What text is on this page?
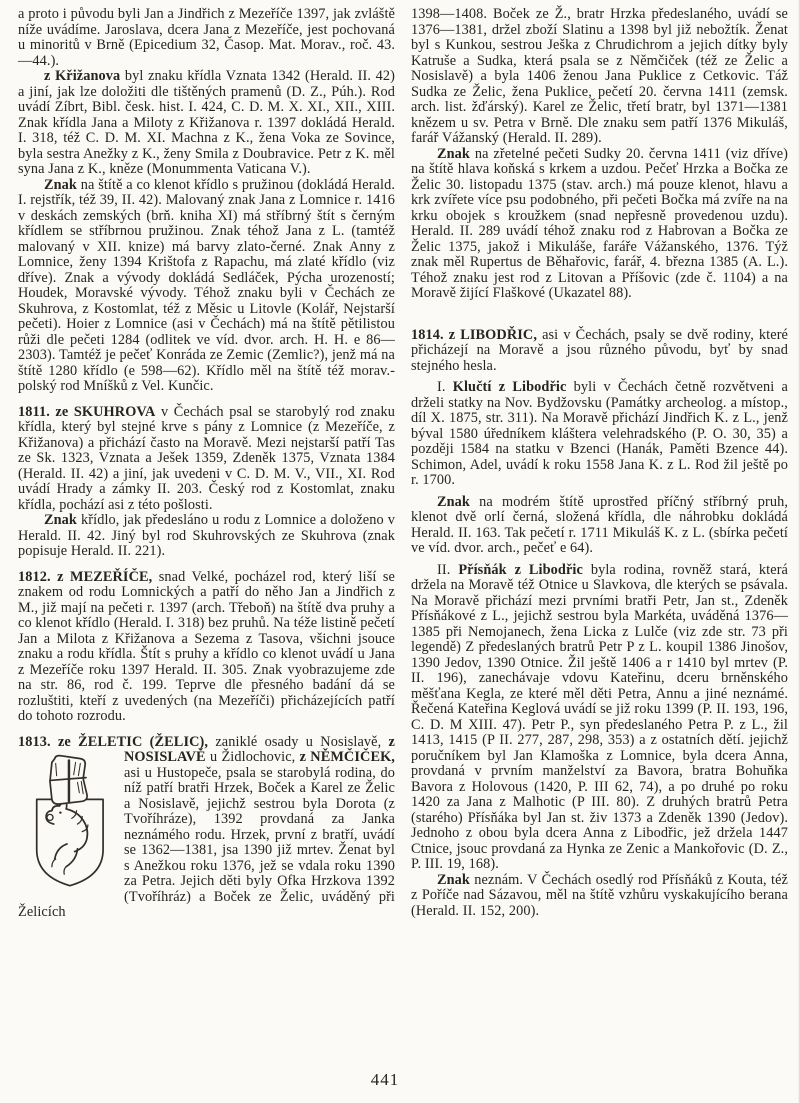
a proto i původu byli Jan a Jindřich z Mezeříče 1397, jak zvláště níže uvádíme. Jaroslava, dcera Jana z Mezeříče, jest pochovaná u minoritů v Brně (Epicedium 32, Časop. Mat. Morav., roč. 43.—44.).

z Křižanova byl znaku křídla Vznata 1342 (Herald. II. 42) a jiní, jak lze doložiti dle tištěných pramenů (D. Z., Púh.). Rod uvádí Zíbrt, Bibl. česk. hist. I. 424, C. D. M. X. XI., XII., XIII. Znak křídla Jana a Miloty z Křižanova r. 1397 dokládá Herald. I. 318, též C. D. M. XI. Machna z K., žena Voka ze Sovince, byla sestra Anežky z K., ženy Smila z Doubravice. Petr z K. měl syna Jana z K., kněze (Monummenta Vaticana V.).

Znak na štítě a co klenot křídlo s pružinou (dokládá Herald. I. rejstřík, též 39, II. 42). Malovaný znak Jana z Lomnice r. 1416 v deskách zemských (brň. kniha XI) má stříbrný štít s černým křídlem se stříbrnou pružinou. Znak téhož Jana z L. (tamtéž malovaný v XII. knize) má barvy zlato-černé. Znak Anny z Lomnice, ženy 1394 Krištofa z Rapachu, má zlaté křídlo (viz dříve). Znak a vývody dokládá Sedláček, Pýcha urozeností; Houdek, Moravské vývody. Téhož znaku byli v Čechách ze Skuhrova, z Kostomlat, též z Měsic u Litovle (Kolář, Nejstarší pečeti). Hoier z Lomnice (asi v Čechách) má na štítě pětilistou růži dle pečeti 1284 (odlitek ve víd. dvor. arch. H. H. e 86—2303). Tamtéž je pečeť Konráda ze Zemic (Zemlic?), jenž má na štítě 1280 křídlo (e 598—62). Křídlo měl na štítě též morav.-polský rod Mníšků z Vel. Kunčic.

1811. ze SKUHROVA v Čechách psal se starobylý rod znaku křídla, který byl stejné krve s pány z Lomnice (z Mezeříče, z Křižanova) a přichází často na Moravě. Mezi nejstarší patří Tas ze Sk. 1323, Vznata a Ješek 1359, Zdeněk 1375, Vznata 1384 (Herald. II. 42) a jiní, jak uvedeni v C. D. M. V., VII., XI. Rod uvádí Hrady a zámky II. 203. Český rod z Kostomlat, znaku křídla, pochází asi z této pošlosti.

Znak křídlo, jak předesláno u rodu z Lomnice a doloženo v Herald. II. 42. Jiný byl rod Skuhrovských ze Skuhrova (znak popisuje Herald. II. 221).

1812. z MEZEŘÍČE, snad Velké, pocházel rod, který liší se znakem od rodu Lomnických a patří do něho Jan a Jindřich z M., již mají na pečeti r. 1397 (arch. Třeboň) na štítě dva pruhy a co klenot křídlo (Herald. I. 318) bez pruhů. Na téže listině pečetí Jan a Milota z Křižanova a Sezema z Tasova, všichni jsouce znaku a rodu křídla. Štít s pruhy a křídlo co klenot uvádí u Jana z Mezeříče roku 1397 Herald. II. 305. Znak vyobrazujeme zde na str. 86, rod č. 199. Teprve dle přesného badání dá se rozluštiti, kteří z uvedených (na Mezeříči) přicházejících patří do tohoto rozrodu.

1813. ze ŽELETIC (ŽELIC), zaniklé osady u Nosislavě,
z NOSISLAVĚ u Židlochovic, z NĚMČIČEK, asi u Hustopeče, psala se starobylá rodina, do níž patří bratři Hrzek, Boček a Karel ze Želic a Nosislavě, jejichž sestrou byla Dorota (z Tvoříhráze), 1392 provdaná za Janka neznámého rodu. Hrzek, první z bratří, uvádí se 1362—1381, jsa 1390 již mrtev. Ženat byl s Anežkou roku 1376, jež se vdala roku 1390 za Petra. Jejich děti byly Ofka Hrzkova 1392 (Tvoříhráz) a Boček ze Želic, uváděný při Želicích

1398—1408. Boček ze Ž., bratr Hrzka předeslaného, uvádí se 1376—1381, držel zboží Slatinu a 1398 byl již nebožtík. Ženat byl s Kunkou, sestrou Ješka z Chrudichrom a jejich dítky byly Katruše a Sudka, která psala se z Němčiček (též ze Želic a Nosislavě) a byla 1406 ženou Jana Puklice z Cetkovic. Táž Sudka ze Želic, žena Puklice, pečetí 20. června 1411 (zemsk. arch. list. žďárský). Karel ze Želic, třetí bratr, byl 1371—1381 knězem u sv. Petra v Brně. Dle znaku sem patří 1376 Mikuláš, farář Vážanský (Herald. II. 289).

Znak na zřetelné pečeti Sudky 20. června 1411 (viz dříve) na štítě hlava koňská s krkem a uzdou. Pečeť Hrzka a Bočka ze Želic 30. listopadu 1375 (stav. arch.) má pouze klenot, hlavu a krk zvířete více psu podobného, při pečeti Bočka má zvíře na na krku obojek s kroužkem (snad nepřesně provedenou uzdu). Herald. II. 289 uvádí téhož znaku rod z Habrovan a Bočka ze Želic 1375, jakož i Mikuláše, faráře Vážanského, 1376. Týž znak měl Rupertus de Běhařovic, farář, 4. března 1385 (A. L.). Téhož znaku jest rod z Litovan a Příšovic (zde č. 1104) a na Moravě žijící Flaškové (Ukazatel 88).

1814. z LIBODŘIC, asi v Čechách, psaly se dvě rodiny, které přicházejí na Moravě a jsou různého původu, byť by snad stejného hesla.

I. Klučtí z Libodřic byli v Čechách četně rozvětveni a drželi statky na Nov. Bydžovsku (Památky archeolog. a místop., díl X. 1875, str. 311). Na Moravě přichází Jindřich K. z L., jenž býval 1580 úředníkem kláštera velehradského (P. O. 30, 35) a později 1584 na statku v Bzenci (Hanák, Paměti Bzence 44). Schimon, Adel, uvádí k roku 1558 Jana K. z L. Rod žil ještě po r. 1700.

Znak na modrém štítě uprostřed příčný stříbrný pruh, klenot dvě orlí černá, složená křídla, dle náhrobku dokládá Herald. II. 163. Tak pečetí r. 1711 Mikuláš K. z L. (sbírka pečetí ve víd. dvor. arch., pečeť e 64).

II. Přísňák z Libodřic byla rodina, rovněž stará, která držela na Moravě též Otnice u Slavkova, dle kterých se psávala. Na Moravě přichází mezi prvními bratři Petr, Jan st., Zdeněk Přísňákové z L., jejichž sestrou byla Markéta, uváděná 1376—1385 při Nemojanech, žena Licka z Lulče (viz zde str. 73 při legendě) Z předeslaných bratrů Petr P z L. koupil 1386 Jinošov, 1390 Jedov, 1390 Otnice. Žil ještě 1406 a r 1410 byl mrtev (P. II. 196), zanechávaje vdovu Kateřinu, dceru brněnského měšťana Kegla, ze které měl děti Petra, Annu a jiné neznámé. Řečená Kateřina Keglová uvádí se již roku 1399 (P. II. 193, 196, C. D. M XIII. 47). Petr P., syn předeslaného Petra P. z L., žil 1413, 1415 (P II. 277, 287, 298, 353) a z ostatních dětí. jejichž poručníkem byl Jan Klamoška z Lomnice, byla dcera Anna, provdaná v prvním manželství za Bavora, bratra Bohuňka Bavora z Holovous (1420, P. III 62, 74), a po druhé po roku 1420 za Jana z Malhotic (P III. 80). Z druhých bratrů Petra (starého) Přísňáka byl Jan st. živ 1373 a Zdeněk 1390 (Jedov). Jednoho z obou byla dcera Anna z Libodřic, jež držela 1447 Ctnice, jsouc provdaná za Hynka ze Zenic a Mankořovic (D. Z., P. III. 19, 168).

Znak neznám. V Čechách osedlý rod Přísňáků z Kouta, též z Poříče nad Sázavou, měl na štítě vzhůru vyskakujícího berana (Herald. II. 152, 200).

441
